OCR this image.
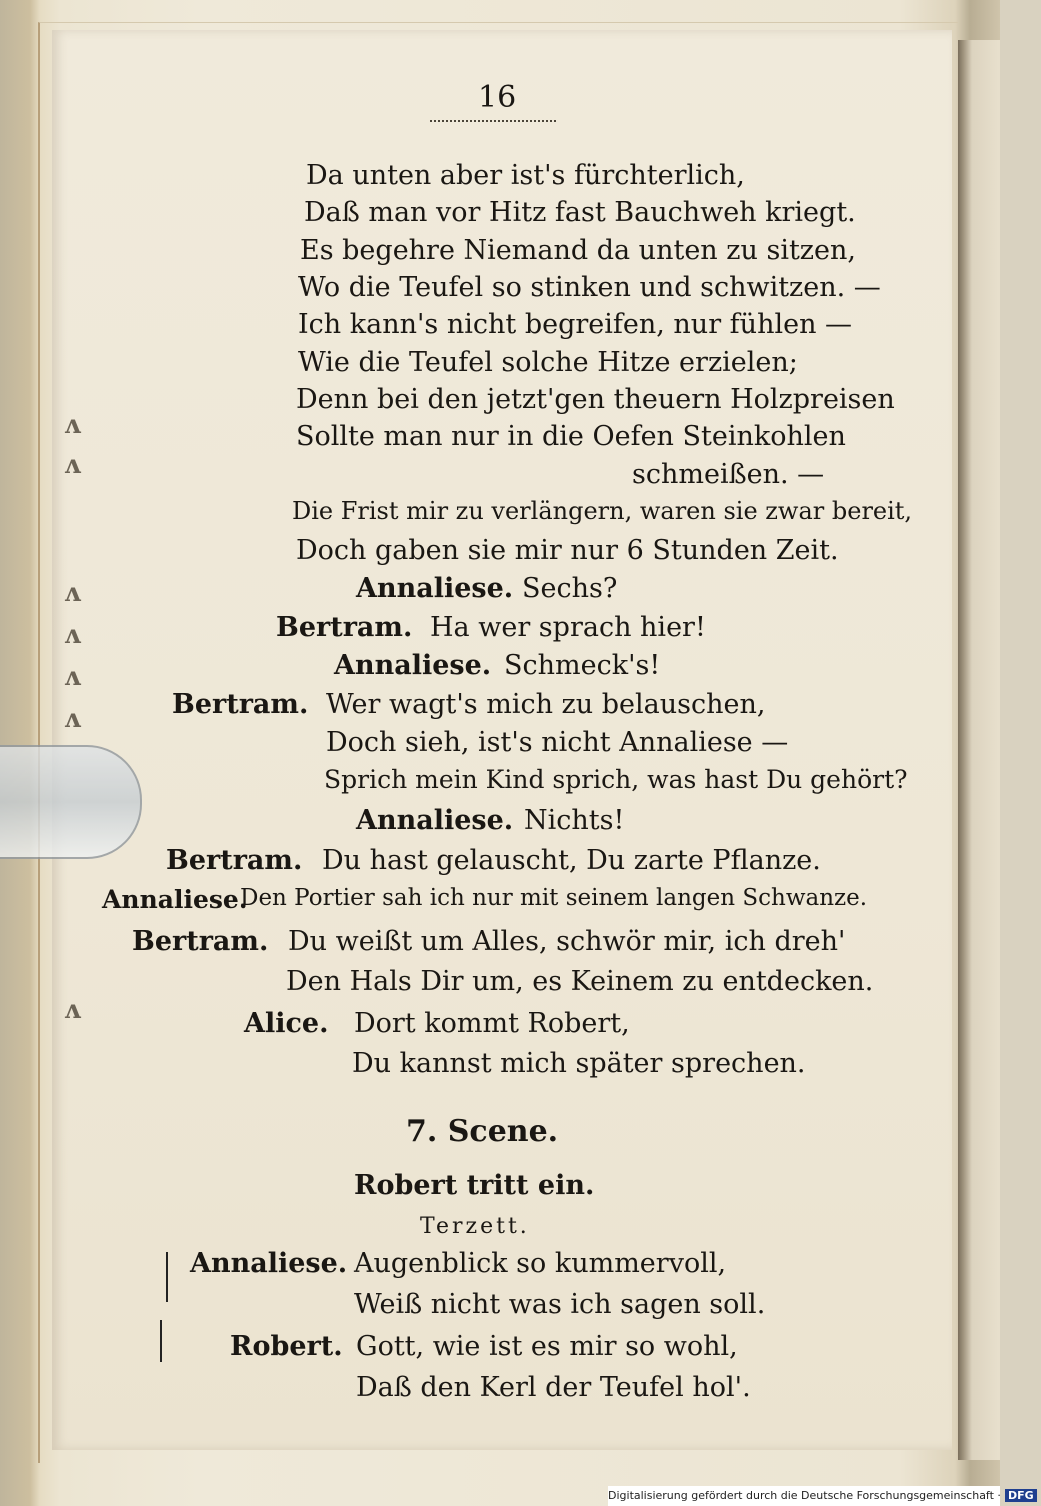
ʌ
ʌ
ʌ
ʌ
ʌ
ʌ
ʌ
16
Da unten aber ist's fürchterlich,
Daß man vor Hitz fast Bauchweh kriegt.
Es begehre Niemand da unten zu sitzen,
Wo die Teufel so stinken und schwitzen. —
Ich kann's nicht begreifen, nur fühlen —
Wie die Teufel solche Hitze erzielen;
Denn bei den jetzt'gen theuern Holzpreisen
Sollte man nur in die Oefen Steinkohlen
schmeißen. —
Die Frist mir zu verlängern, waren sie zwar bereit,
Doch gaben sie mir nur 6 Stunden Zeit.
Annaliese. Sechs?
Bertram. Ha wer sprach hier!
Annaliese. Schmeck's!
Bertram. Wer wagt's mich zu belauschen,
Doch sieh, ist's nicht Annaliese —
Sprich mein Kind sprich, was hast Du gehört?
Annaliese. Nichts!
Bertram. Du hast gelauscht, Du zarte Pflanze.
Annaliese.
Den Portier sah ich nur mit seinem langen Schwanze.
Bertram. Du weißt um Alles, schwör mir, ich dreh'
Den Hals Dir um, es Keinem zu entdecken.
Alice. Dort kommt Robert,
Du kannst mich später sprechen.
7. Scene.
Robert tritt ein.
Terzett.
Annaliese. Augenblick so kummervoll,
Weiß nicht was ich sagen soll.
Robert. Gott, wie ist es mir so wohl,
Daß den Kerl der Teufel hol'.
Digitalisierung gefördert durch die Deutsche Forschungsgemeinschaft · DFG
